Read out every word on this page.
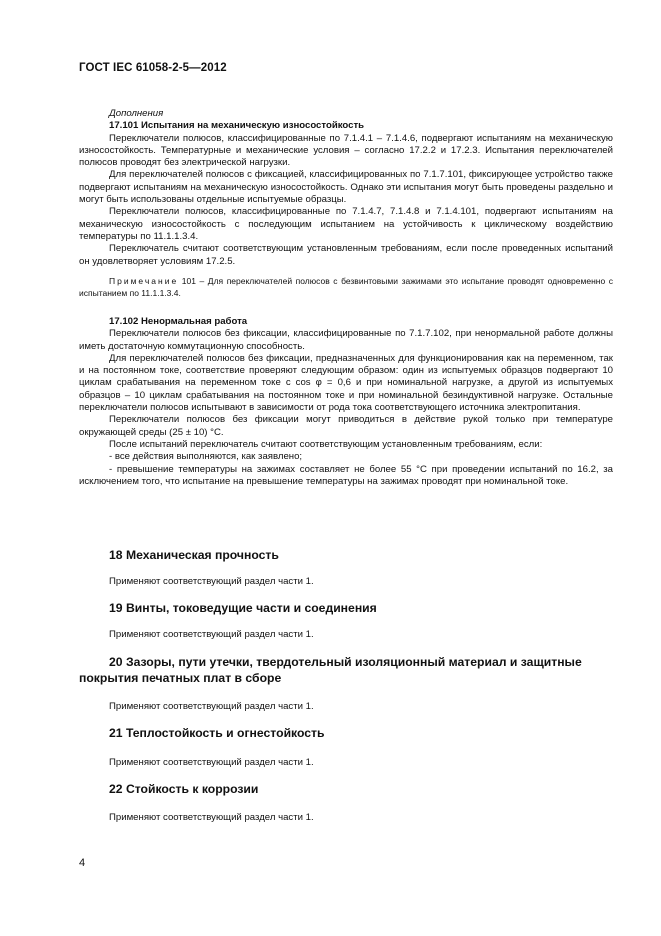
ГОСТ IEC 61058-2-5—2012
Дополнения
17.101 Испытания на механическую износостойкость
Переключатели полюсов, классифицированные по 7.1.4.1 – 7.1.4.6, подвергают испытаниям на механическую износостойкость. Температурные и механические условия – согласно 17.2.2 и 17.2.3. Испытания переключателей полюсов проводят без электрической нагрузки.
Для переключателей полюсов с фиксацией, классифицированных по 7.1.7.101, фиксирующее устройство также подвергают испытаниям на механическую износостойкость. Однако эти испытания могут быть проведены раздельно и могут быть использованы отдельные испытуемые образцы.
Переключатели полюсов, классифицированные по 7.1.4.7, 7.1.4.8 и 7.1.4.101, подвергают испытаниям на механическую износостойкость с последующим испытанием на устойчивость к циклическому воздействию температуры по 11.1.1.3.4.
Переключатель считают соответствующим установленным требованиям, если после проведенных испытаний он удовлетворяет условиям 17.2.5.
Примечание 101 – Для переключателей полюсов с безвинтовыми зажимами это испытание проводят одновременно с испытанием по 11.1.1.3.4.
17.102 Ненормальная работа
Переключатели полюсов без фиксации, классифицированные по 7.1.7.102, при ненормальной работе должны иметь достаточную коммутационную способность.
Для переключателей полюсов без фиксации, предназначенных для функционирования как на переменном, так и на постоянном токе, соответствие проверяют следующим образом: один из испытуемых образцов подвергают 10 циклам срабатывания на переменном токе с cos φ = 0,6 и при номинальной нагрузке, а другой из испытуемых образцов – 10 циклам срабатывания на постоянном токе и при номинальной безиндуктивной нагрузке. Остальные переключатели полюсов испытывают в зависимости от рода тока соответствующего источника электропитания.
Переключатели полюсов без фиксации могут приводиться в действие рукой только при температуре окружающей среды (25 ± 10) °C.
После испытаний переключатель считают соответствующим установленным требованиям, если:
- все действия выполняются, как заявлено;
- превышение температуры на зажимах составляет не более 55 °C при проведении испытаний по 16.2, за исключением того, что испытание на превышение температуры на зажимах проводят при номинальной токе.
18 Механическая прочность
Применяют соответствующий раздел части 1.
19 Винты, токоведущие части и соединения
Применяют соответствующий раздел части 1.
20 Зазоры, пути утечки, твердотельный изоляционный материал и защитные покрытия печатных плат в сборе
Применяют соответствующий раздел части 1.
21 Теплостойкость и огнестойкость
Применяют соответствующий раздел части 1.
22 Стойкость к коррозии
Применяют соответствующий раздел части 1.
4
